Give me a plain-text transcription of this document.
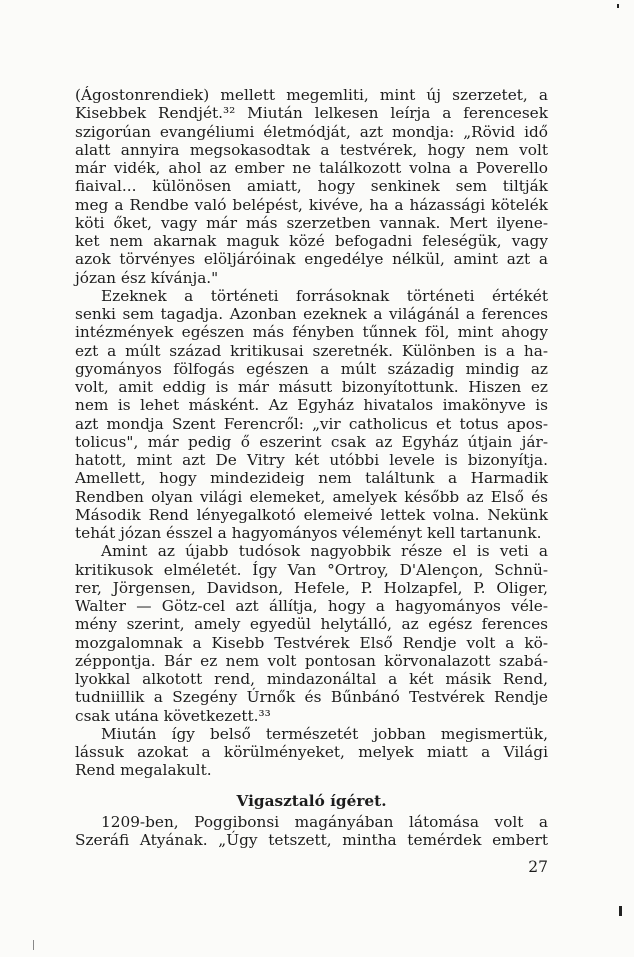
(Ágostonrendiek) mellett megemliti, mint új szerzetet, a
Kisebbek Rendjét.³² Miután lelkesen leírja a ferencesek
szigorúan evangéliumi életmódját, azt mondja: „Rövid idő
alatt annyira megsokasodtak a testvérek, hogy nem volt
már vidék, ahol az ember ne találkozott volna a Poverello
fiaival... különösen amiatt, hogy senkinek sem tiltják
meg a Rendbe való belépést, kivéve, ha a házassági kötelék
köti őket, vagy már más szerzetben vannak. Mert ilyene-
ket nem akarnak maguk közé befogadni feleségük, vagy
azok törvényes elöljáróinak engedélye nélkül, amint azt a
józan ész kívánja."
Ezeknek a történeti forrásoknak történeti értékét
senki sem tagadja. Azonban ezeknek a világánál a ferences
intézmények egészen más fényben tűnnek föl, mint ahogy
ezt a múlt század kritikusai szeretnék. Különben is a ha-
gyományos fölfogás egészen a múlt századig mindig az
volt, amit eddig is már másutt bizonyítottunk. Hiszen ez
nem is lehet másként. Az Egyház hivatalos imakönyve is
azt mondja Szent Ferencről: „vir catholicus et totus apos-
tolicus", már pedig ő eszerint csak az Egyház útjain jár-
hatott, mint azt De Vitry két utóbbi levele is bizonyítja.
Amellett, hogy mindezideig nem találtunk a Harmadik
Rendben olyan világi elemeket, amelyek később az Első és
Második Rend lényegalkotó elemeivé lettek volna. Nekünk
tehát józan ésszel a hagyományos véleményt kell tartanunk.
Amint az újabb tudósok nagyobbik része el is veti a
kritikusok elméletét. Így Van °Ortroy, D'Alençon, Schnü-
rer, Jörgensen, Davidson, Hefele, P. Holzapfel, P. Oliger,
Walter — Götz-cel azt állítja, hogy a hagyományos véle-
mény szerint, amely egyedül helytálló, az egész ferences
mozgalomnak a Kisebb Testvérek Első Rendje volt a kö-
zéppontja. Bár ez nem volt pontosan körvonalazott szabá-
lyokkal alkotott rend, mindazonáltal a két másik Rend,
tudniillik a Szegény Úrnők és Bűnbánó Testvérek Rendje
csak utána következett.³³
Miután így belső természetét jobban megismertük,
lássuk azokat a körülményeket, melyek miatt a Világi
Rend megalakult.
Vigasztaló ígéret.
1209-ben, Poggibonsi magányában látomása volt a
Szeráfi Atyának. „Úgy tetszett, mintha temérdek embert
27
